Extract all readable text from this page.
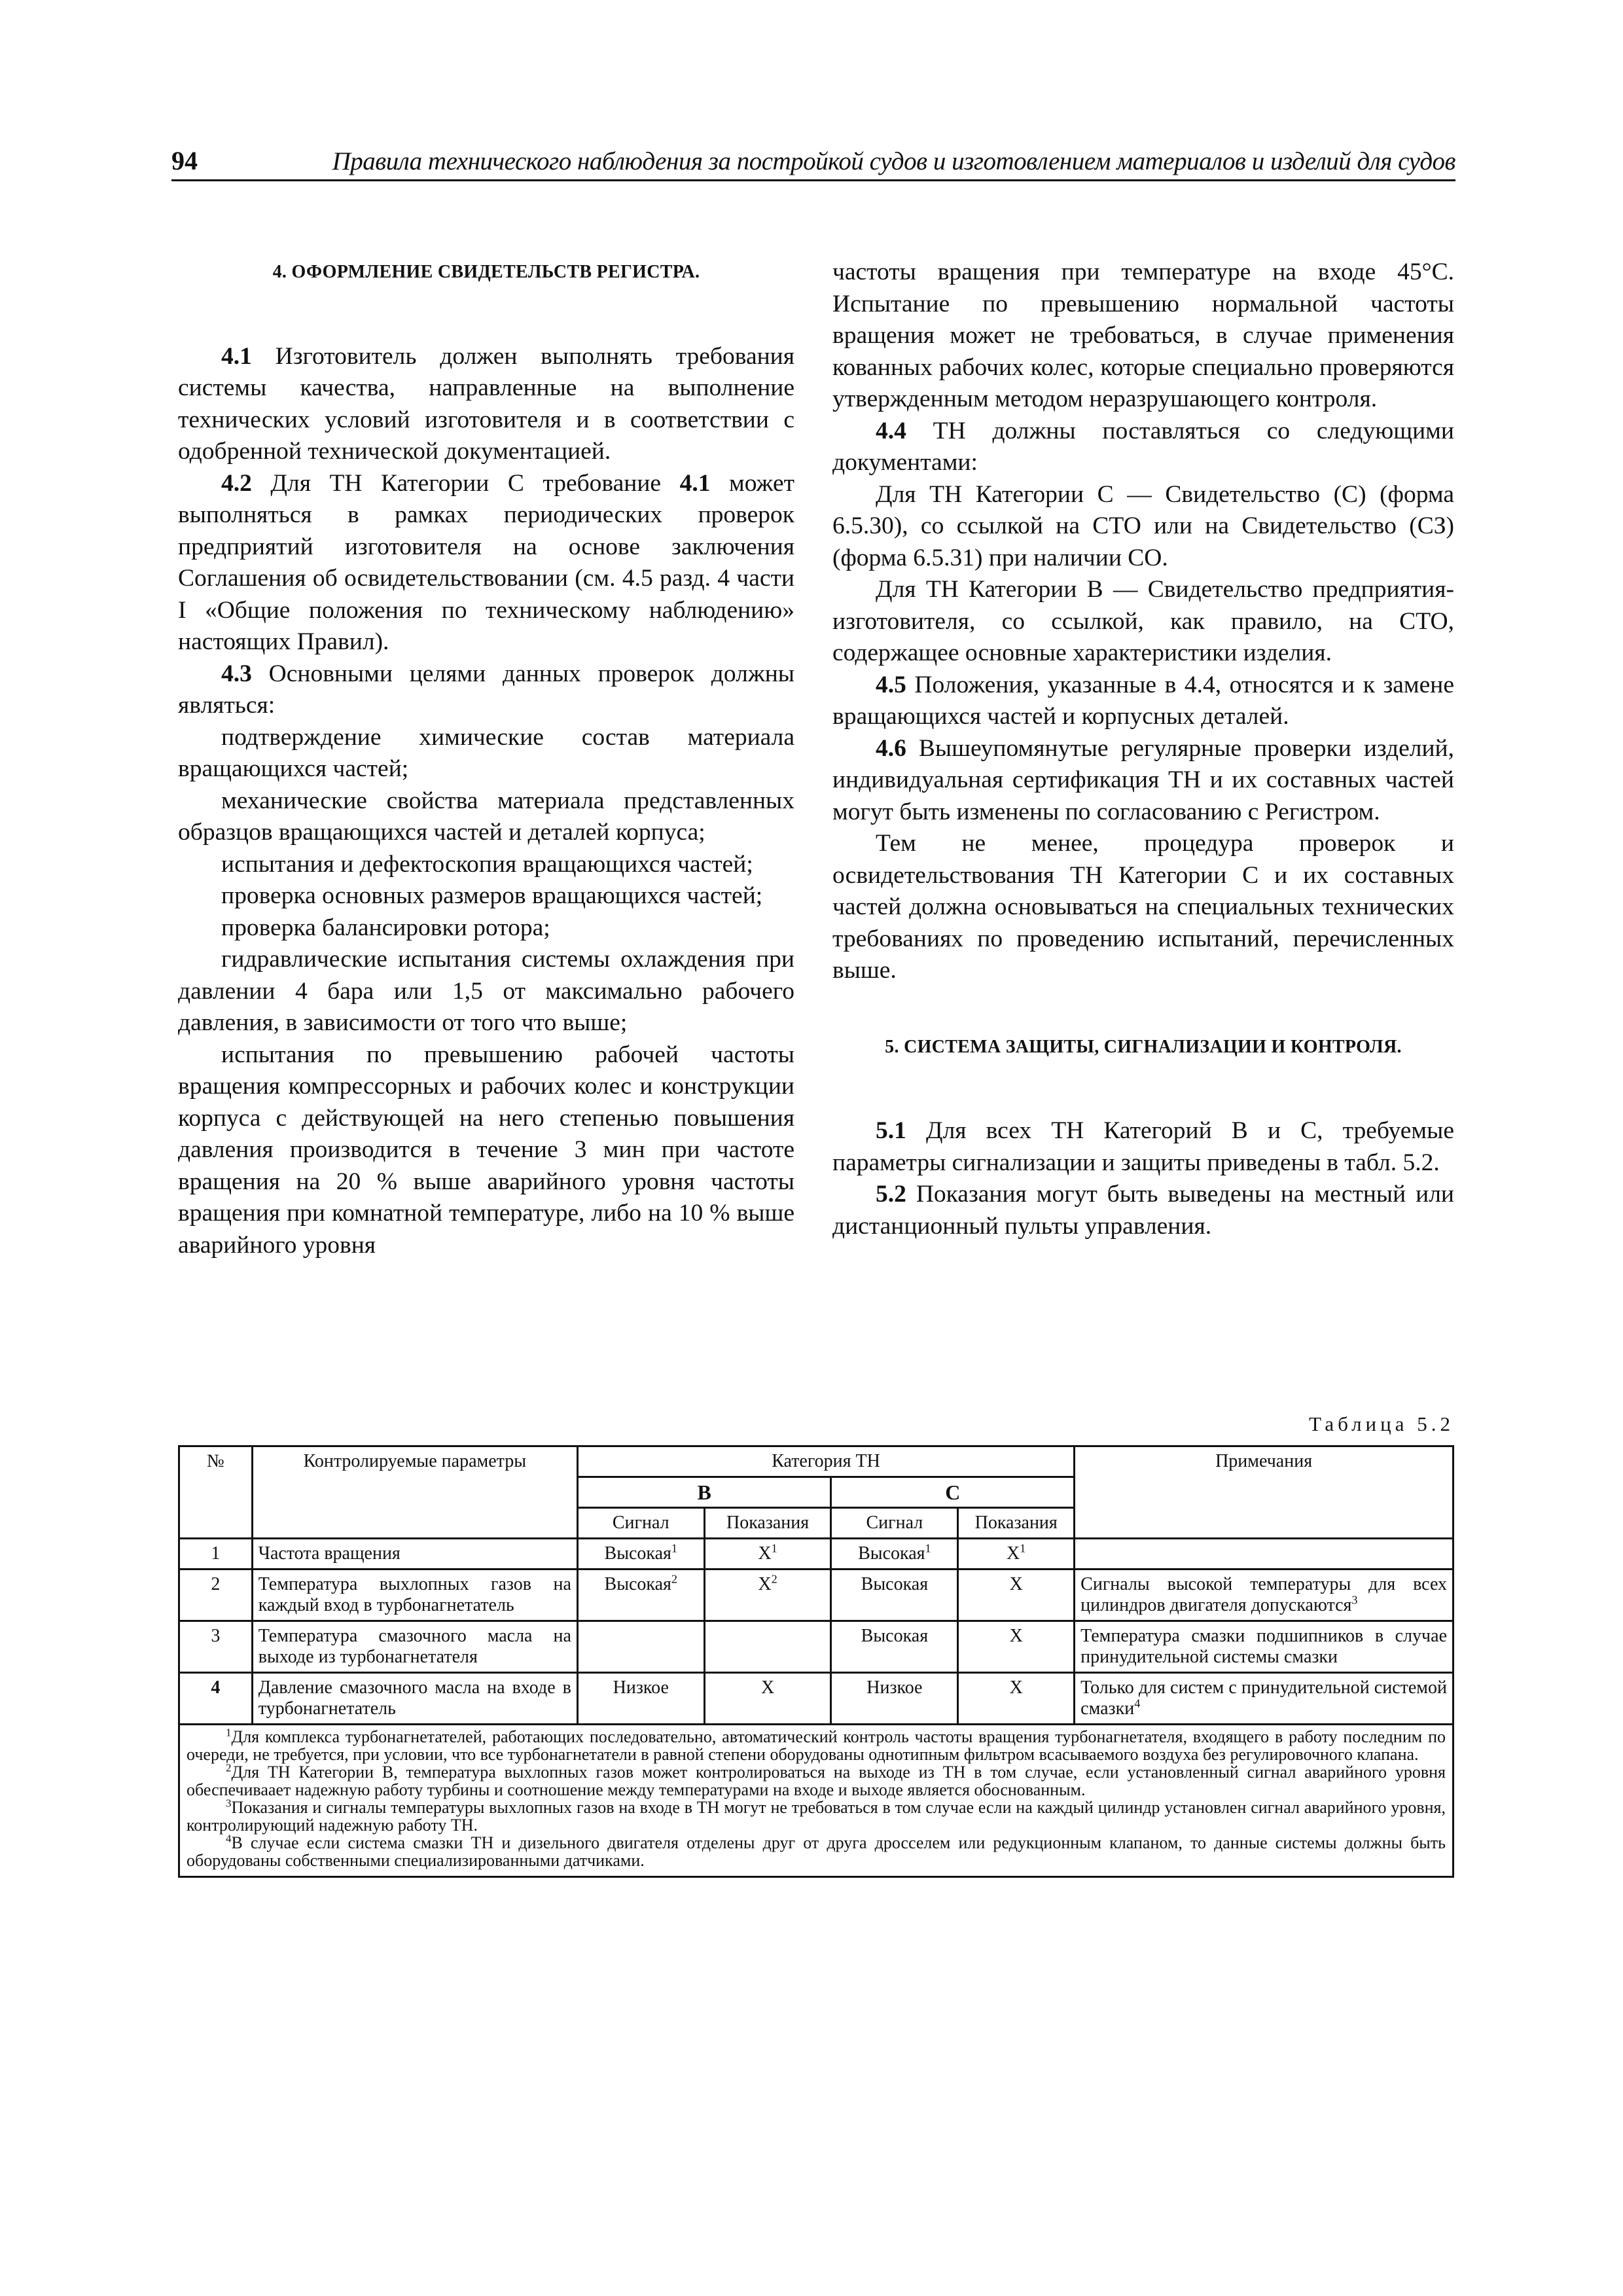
94	Правила технического наблюдения за постройкой судов и изготовлением материалов и изделий для судов

4. ОФОРМЛЕНИЕ СВИДЕТЕЛЬСТВ РЕГИСТРА.

4.1 Изготовитель должен выполнять требования системы качества, направленные на выполнение технических условий изготовителя и в соответствии с одобренной технической документацией.

4.2 Для ТН Категории С требование 4.1 может выполняться в рамках периодических проверок предприятий изготовителя на основе заключения Соглашения об освидетельствовании (см. 4.5 разд. 4 части I «Общие положения по техническому наблюдению» настоящих Правил).

4.3 Основными целями данных проверок должны являться:

подтверждение химические состав материала вращающихся частей;

механические свойства материала представленных образцов вращающихся частей и деталей корпуса;

испытания и дефектоскопия вращающихся частей;

проверка основных размеров вращающихся частей;

проверка балансировки ротора;

гидравлические испытания системы охлаждения при давлении 4 бара или 1,5 от максимально рабочего давления, в зависимости от того что выше;

испытания по превышению рабочей частоты вращения компрессорных и рабочих колес и конструкции корпуса с действующей на него степенью повышения давления производится в течение 3 мин при частоте вращения на 20 % выше аварийного уровня частоты вращения при комнатной температуре, либо на 10 % выше аварийного уровня

частоты вращения при температуре на входе 45°С. Испытание по превышению нормальной частоты вращения может не требоваться, в случае применения кованных рабочих колес, которые специально проверяются утвержденным методом неразрушающего контроля.

4.4 ТН должны поставляться со следующими документами:

Для ТН Категории С — Свидетельство (С) (форма 6.5.30), со ссылкой на СТО или на Свидетельство (СЗ) (форма 6.5.31) при наличии СО.

Для ТН Категории В — Свидетельство предприятия-изготовителя, со ссылкой, как правило, на СТО, содержащее основные характеристики изделия.

4.5 Положения, указанные в 4.4, относятся и к замене вращающихся частей и корпусных деталей.

4.6 Вышеупомянутые регулярные проверки изделий, индивидуальная сертификация ТН и их составных частей могут быть изменены по согласованию с Регистром.

Тем не менее, процедура проверок и освидетельствования ТН Категории С и их составных частей должна основываться на специальных технических требованиях по проведению испытаний, перечисленных выше.

5. СИСТЕМА ЗАЩИТЫ, СИГНАЛИЗАЦИИ И КОНТРОЛЯ.

5.1 Для всех ТН Категорий В и С, требуемые параметры сигнализации и защиты приведены в табл. 5.2.

5.2 Показания могут быть выведены на местный или дистанционный пульты управления.

Таблица 5.2
№	Контролируемые параметры	Категория ТН				Примечания
		В		С		
		Сигнал	Показания	Сигнал	Показания	
1	Частота вращения	Высокая$^1$	$X^1$	Высокая$^1$	$X^1$	
2	Температура выхлопных газов на каждый вход в турбонагнетатель	Высокая$^2$	$X^2$	Высокая	X	Сигналы высокой температуры для всех цилиндров двигателя допускаются$^3$
3	Температура смазочного масла на выходе из турбонагнетателя			Высокая	X	Температура смазки подшипников в случае принудительной системы смазки
4	Давление смазочного масла на входе в турбонагнетатель	Низкое	X	Низкое	X	Только для систем с принудительной системой смазки$^4$

$^1$Для комплекса турбонагнетателей, работающих последовательно, автоматический контроль частоты вращения турбонагнетателя, входящего в работу последним по очереди, не требуется, при условии, что все турбонагнетатели в равной степени оборудованы однотипным фильтром всасываемого воздуха без регулировочного клапана.

$^2$Для ТН Категории В, температура выхлопных газов может контролироваться на выходе из ТН в том случае, если установленный сигнал аварийного уровня обеспечиваает надежную работу турбины и соотношение между температурами на входе и выходе является обоснованным.

$^3$Показания и сигналы температуры выхлопных газов на входе в ТН могут не требоваться в том случае если на каждый цилиндр установлен сигнал аварийного уровня, контролирующий надежную работу ТН.

$^4$В случае если система смазки ТН и дизельного двигателя отделены друг от друга дросселем или редукционным клапаном, то данные системы должны быть оборудованы собственными специализированными датчиками.						
